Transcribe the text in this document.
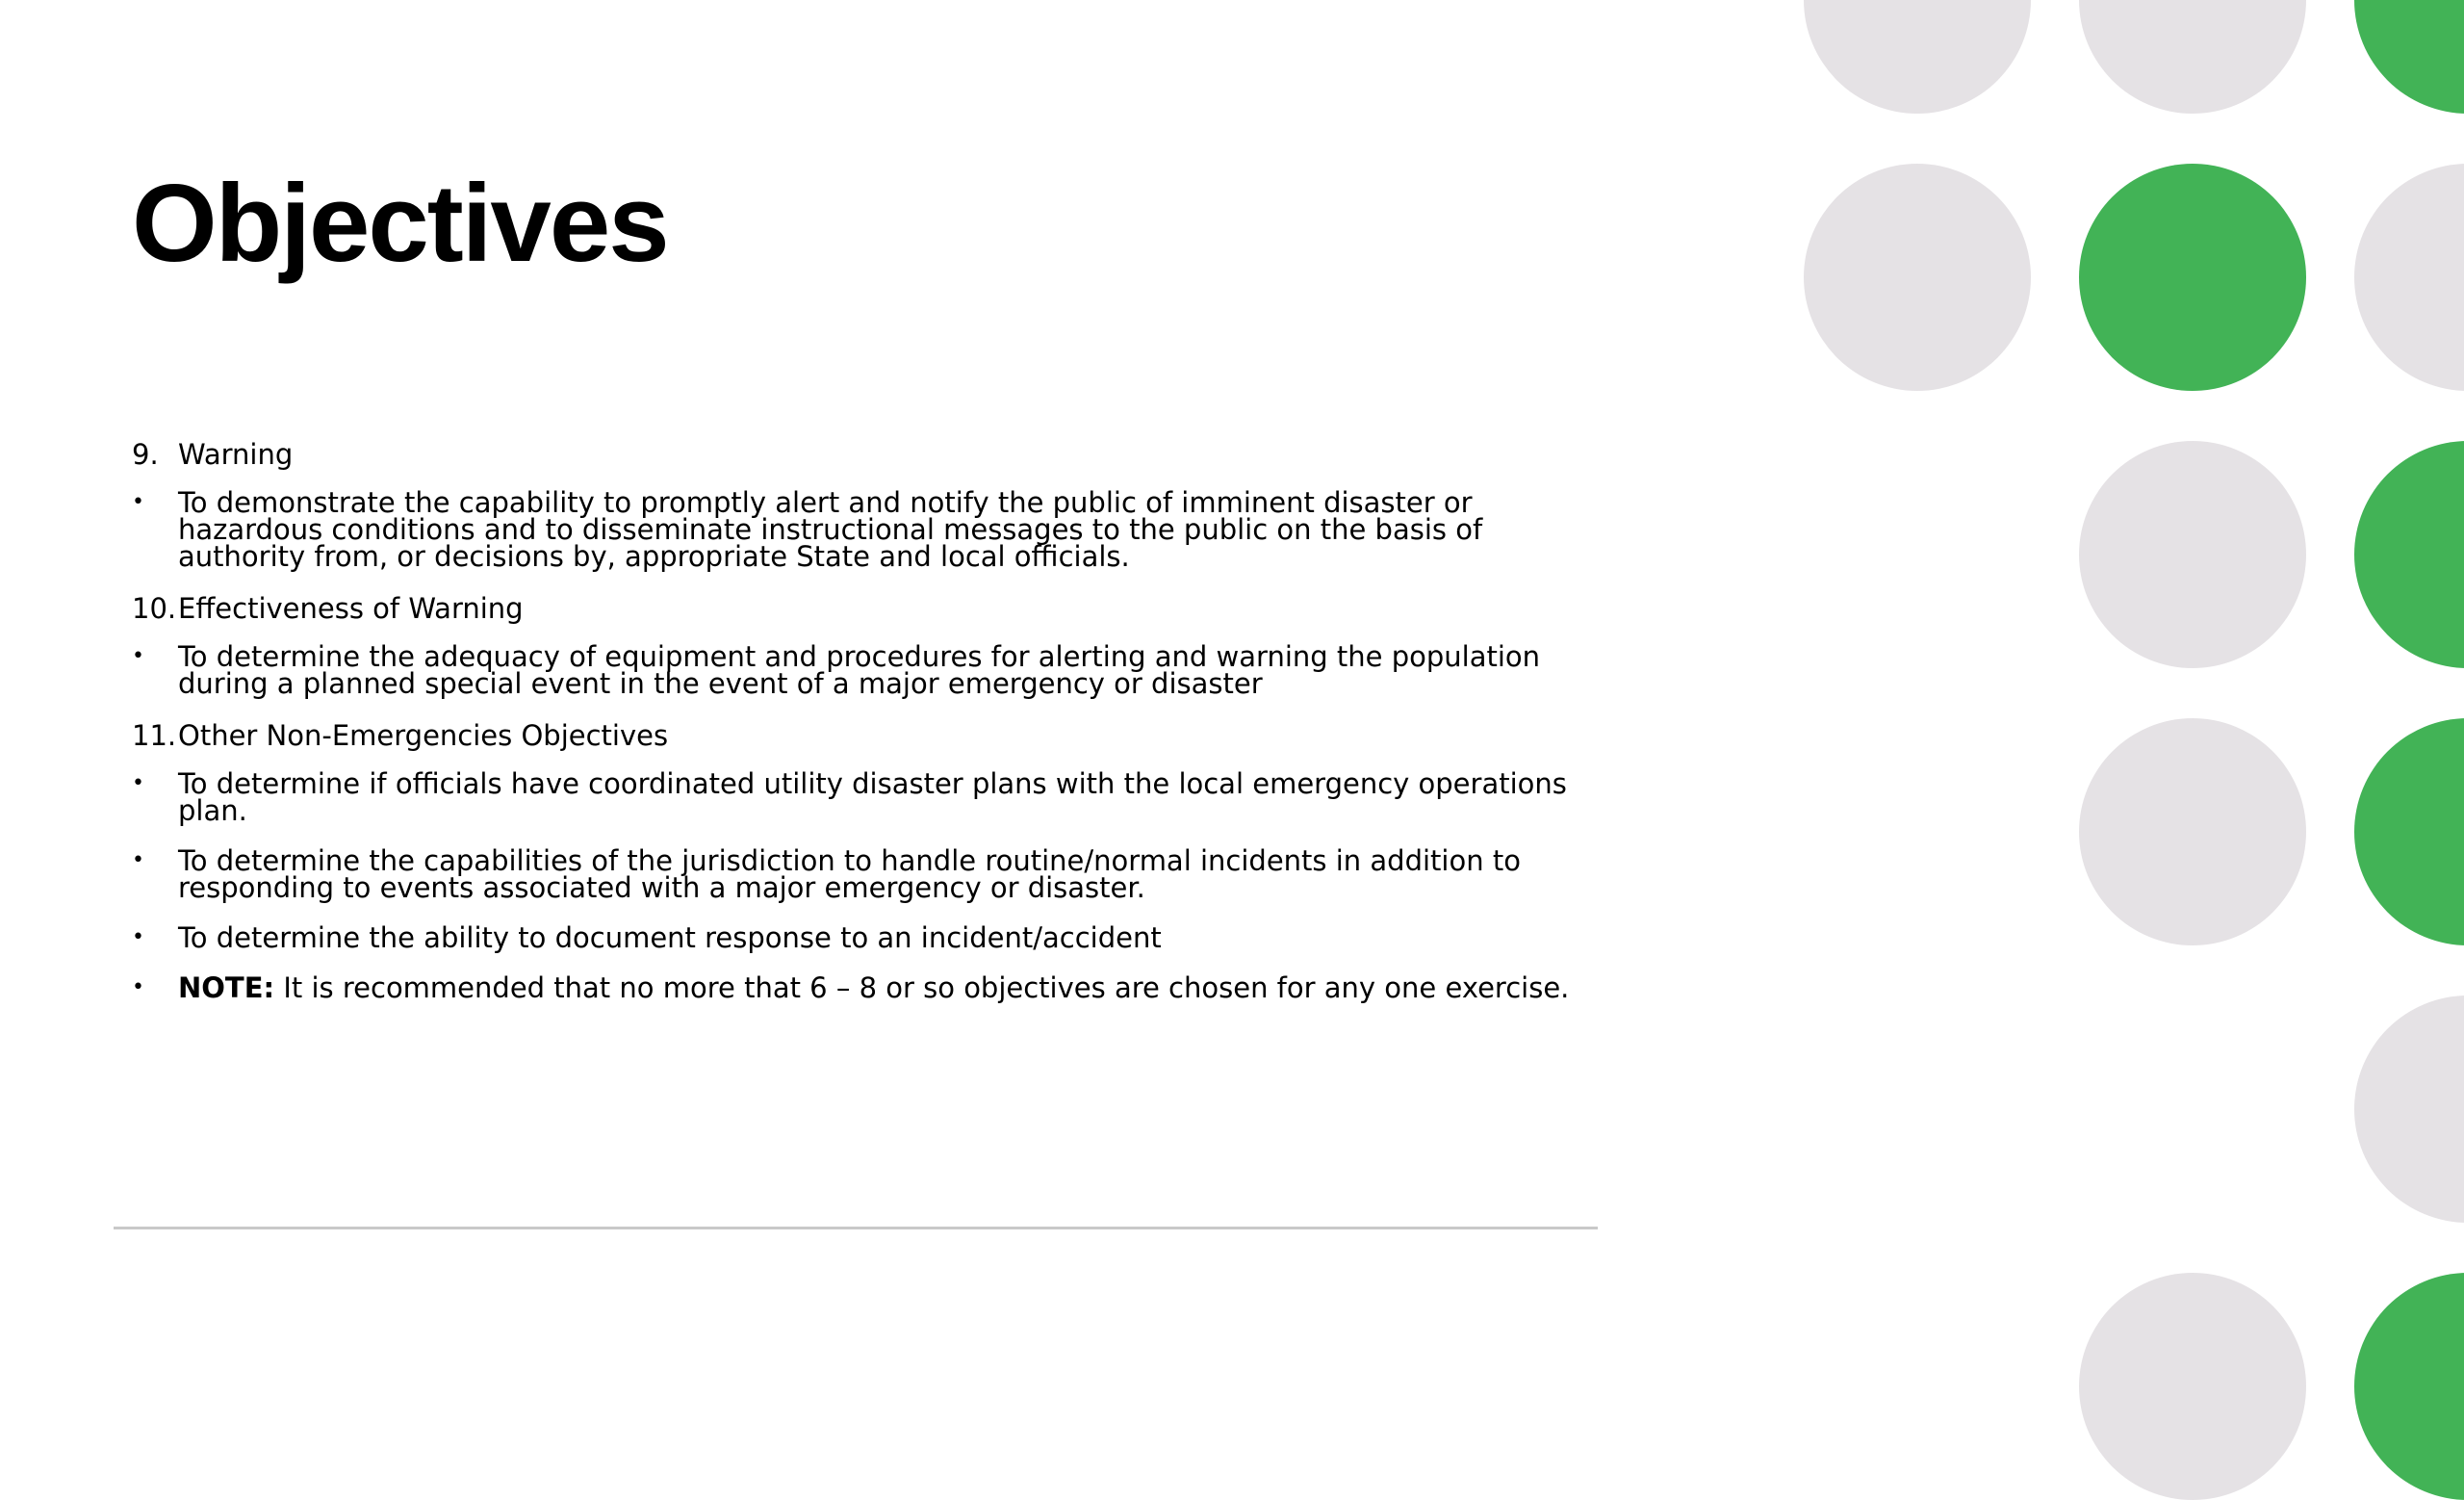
Objectives
9. Warning
• To demonstrate the capability to promptly alert and notify the public of imminent disaster or hazardous conditions and to disseminate instructional messages to the public on the basis of authority from, or decisions by, appropriate State and local officials.
10. Effectiveness of Warning
• To determine the adequacy of equipment and procedures for alerting and warning the population during a planned special event in the event of a major emergency or disaster
11. Other Non-Emergencies Objectives
• To determine if officials have coordinated utility disaster plans with the local emergency operations plan.
• To determine the capabilities of the jurisdiction to handle routine/normal incidents in addition to responding to events associated with a major emergency or disaster.
• To determine the ability to document response to an incident/accident
• NOTE: It is recommended that no more that 6 – 8 or so objectives are chosen for any one exercise.
